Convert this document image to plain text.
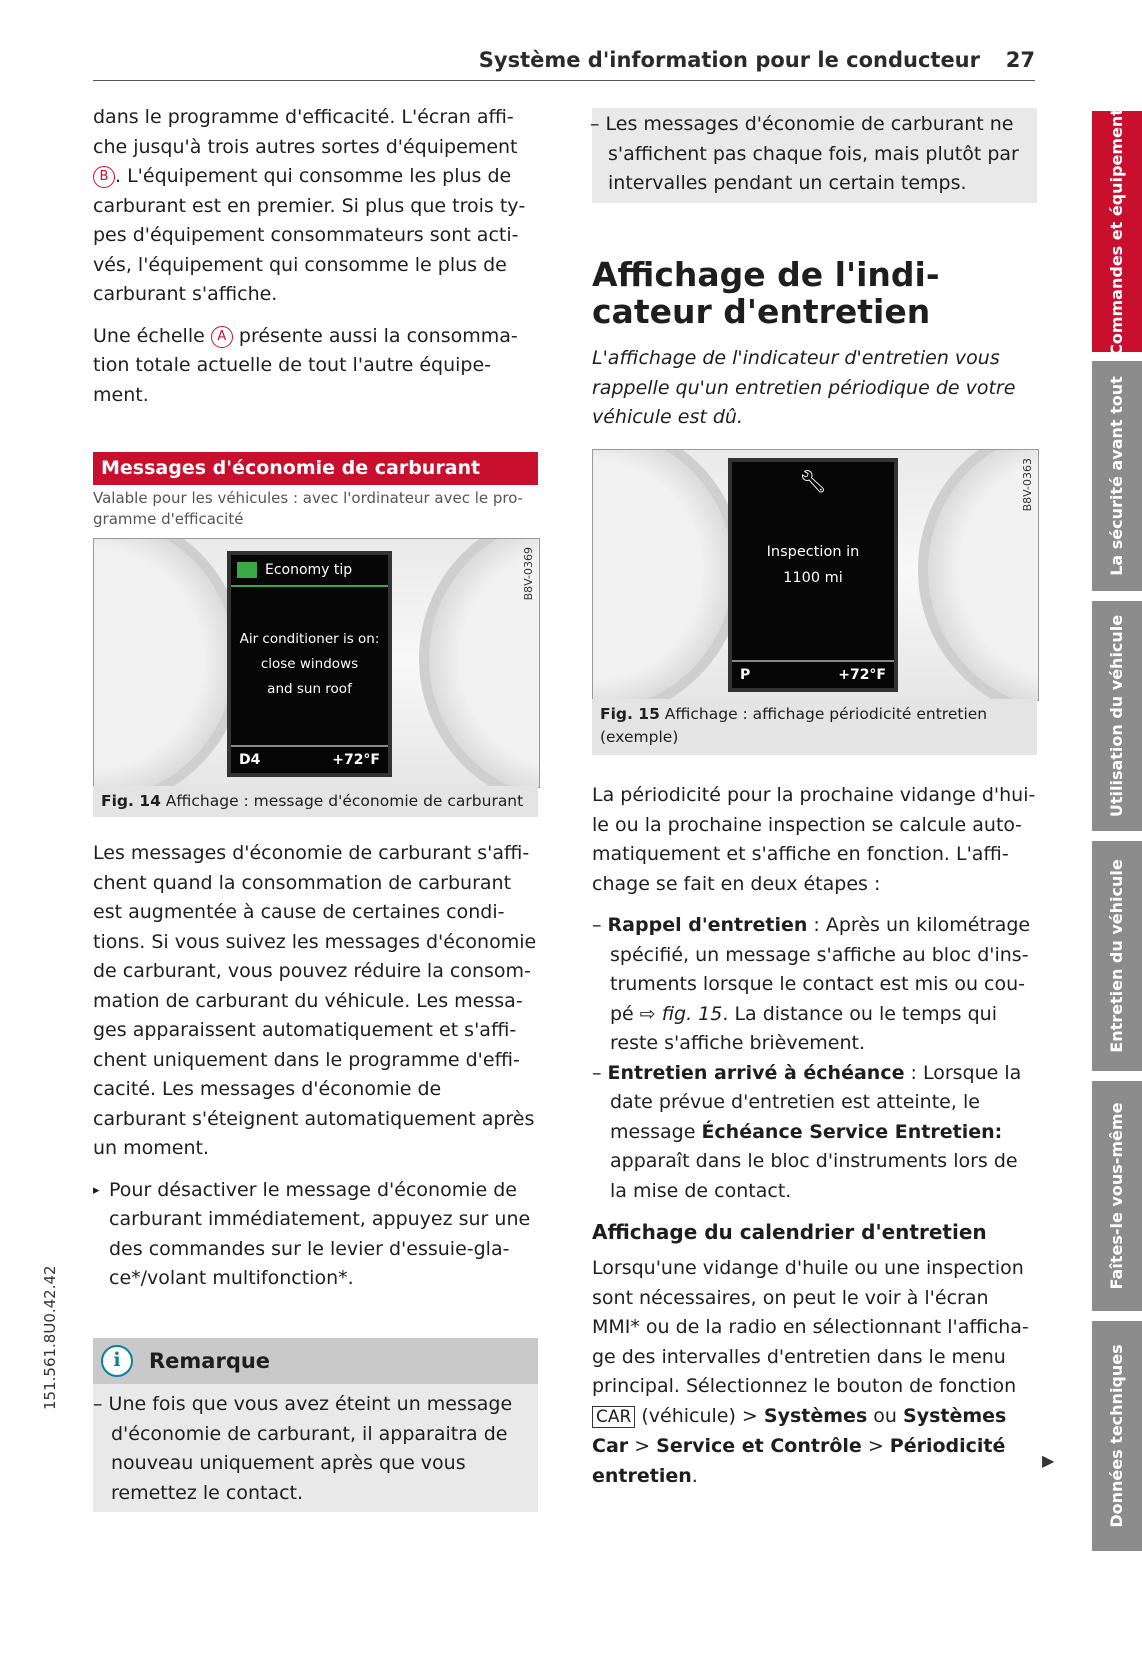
Système d'information pour le conducteur 27

dans le programme d'efficacité. L'écran affiche jusqu'à trois autres sortes d'équipement B . L'équipement qui consomme les plus de carburant est en premier. Si plus que trois types d'équipement consommateurs sont activés, l'équipement qui consomme le plus de carburant s'affiche.

Une échelle A présente aussi la consommation totale actuelle de tout l'autre équipement.

Messages d'économie de carburant
Valable pour les véhicules : avec l'ordinateur avec le programme d'efficacité
Economy tip
Air conditioner is on:
close windows
and sun roof
D4	+72°F
B8V-0369
Fig. 14 Affichage : message d'économie de carburant

Les messages d'économie de carburant s'affichent quand la consommation de carburant est augmentée à cause de certaines conditions. Si vous suivez les messages d'économie de carburant, vous pouvez réduire la consommation de carburant du véhicule. Les messages apparaissent automatiquement et s'affichent uniquement dans le programme d'efficacité. Les messages d'économie de carburant s'éteignent automatiquement après un moment.

▸ Pour désactiver le message d'économie de carburant immédiatement, appuyez sur une des commandes sur le levier d'essuie-glace*/volant multifonction*.

i	Remarque
– Une fois que vous avez éteint un message d'économie de carburant, il apparaitra de nouveau uniquement après que vous remettez le contact.
– Les messages d'économie de carburant ne s'affichent pas chaque fois, mais plutôt par intervalles pendant un certain temps.
Affichage de l'indicateur d'entretien

L'affichage de l'indicateur d'entretien vous rappelle qu'un entretien périodique de votre véhicule est dû.

🔧︎
Inspection in
1100 mi
P	+72°F
B8V-0363
Fig. 15 Affichage : affichage périodicité entretien (exemple)

La périodicité pour la prochaine vidange d'huile ou la prochaine inspection se calcule automatiquement et s'affiche en fonction. L'affichage se fait en deux étapes :

– Rappel d'entretien : Après un kilométrage spécifié, un message s'affiche au bloc d'instruments lorsque le contact est mis ou coupé ⇨ fig. 15. La distance ou le temps qui reste s'affiche brièvement.

– Entretien arrivé à échéance : Lorsque la date prévue d'entretien est atteinte, le message Échéance Service Entretien: apparaît dans le bloc d'instruments lors de la mise de contact.

Affichage du calendrier d'entretien

Lorsqu'une vidange d'huile ou une inspection sont nécessaires, on peut le voir à l'écran MMI* ou de la radio en sélectionnant l'affichage des intervalles d'entretien dans le menu principal. Sélectionnez le bouton de fonction CAR (véhicule) > Systèmes ou Systèmes Car > Service et Contrôle > Périodicité entretien.

▶
Commandes et équipement
La sécurité avant tout
Utilisation du véhicule
Entretien du véhicule
Faîtes-le vous-même
Données techniques
151.561.8U0.42.42
